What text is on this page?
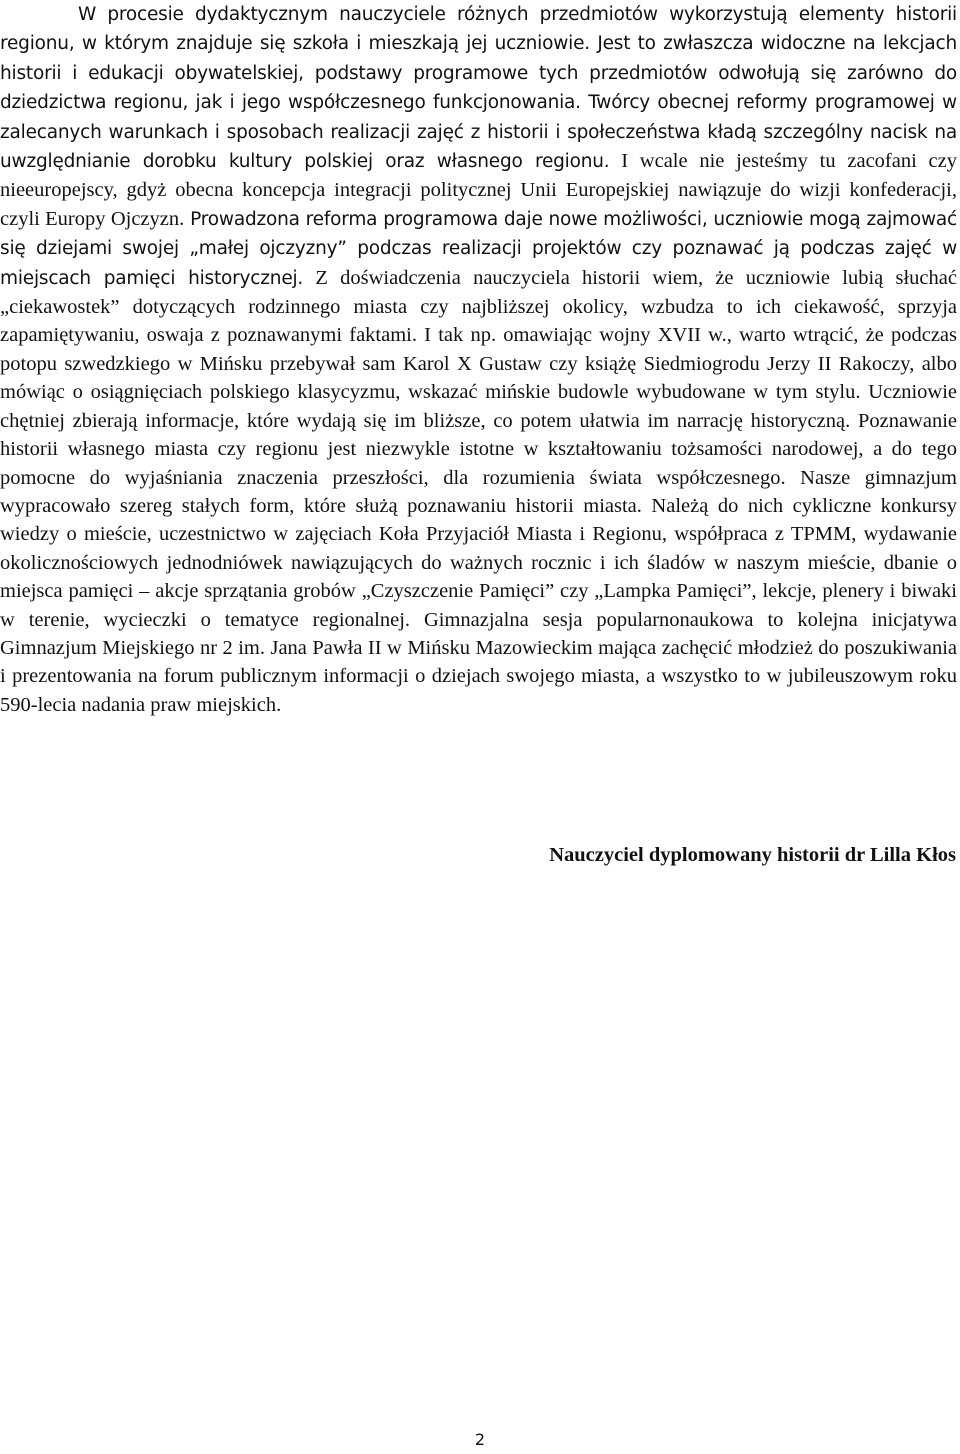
W procesie dydaktycznym nauczyciele różnych przedmiotów wykorzystują elementy historii regionu, w którym znajduje się szkoła i mieszkają jej uczniowie. Jest to zwłaszcza widoczne na lekcjach historii i edukacji obywatelskiej, podstawy programowe tych przedmiotów odwołują się zarówno do dziedzictwa regionu, jak i jego współczesnego funkcjonowania. Twórcy obecnej reformy programowej w zalecanych warunkach i sposobach realizacji zajęć z historii i społeczeństwa kładą szczególny nacisk na uwzględnianie dorobku kultury polskiej oraz własnego regionu. I wcale nie jesteśmy tu zacofani czy nieeuropejscy, gdyż obecna koncepcja integracji politycznej Unii Europejskiej nawiązuje do wizji konfederacji, czyli Europy Ojczyzn. Prowadzona reforma programowa daje nowe możliwości, uczniowie mogą zajmować się dziejami swojej „małej ojczyzny” podczas realizacji projektów czy poznawać ją podczas zajęć w miejscach pamięci historycznej. Z doświadczenia nauczyciela historii wiem, że uczniowie lubią słuchać „ciekawostek” dotyczących rodzinnego miasta czy najbliższej okolicy, wzbudza to ich ciekawość, sprzyja zapamiętywaniu, oswaja z poznawanymi faktami. I tak np. omawiając wojny XVII w., warto wtrącić, że podczas potopu szwedzkiego w Mińsku przebywał sam Karol X Gustaw czy książę Siedmiogrodu Jerzy II Rakoczy, albo mówiąc o osiągnięciach polskiego klasycyzmu, wskazać mińskie budowle wybudowane w tym stylu. Uczniowie chętniej zbierają informacje, które wydają się im bliższe, co potem ułatwia im narrację historyczną. Poznawanie historii własnego miasta czy regionu jest niezwykle istotne w kształtowaniu tożsamości narodowej, a do tego pomocne do wyjaśniania znaczenia przeszłości, dla rozumienia świata współczesnego. Nasze gimnazjum wypracowało szereg stałych form, które służą poznawaniu historii miasta. Należą do nich cykliczne konkursy wiedzy o mieście, uczestnictwo w zajęciach Koła Przyjaciół Miasta i Regionu, współpraca z TPMM, wydawanie okolicznościowych jednodniówek nawiązujących do ważnych rocznic i ich śladów w naszym mieście, dbanie o miejsca pamięci – akcje sprzątania grobów „Czyszczenie Pamięci” czy „Lampka Pamięci”, lekcje, plenery i biwaki w terenie, wycieczki o tematyce regionalnej. Gimnazjalna sesja popularnonaukowa to kolejna inicjatywa Gimnazjum Miejskiego nr 2 im. Jana Pawła II w Mińsku Mazowieckim mająca zachęcić młodzież do poszukiwania i prezentowania na forum publicznym informacji o dziejach swojego miasta, a wszystko to w jubileuszowym roku 590-lecia nadania praw miejskich.

Nauczyciel dyplomowany historii dr Lilla Kłos
2
